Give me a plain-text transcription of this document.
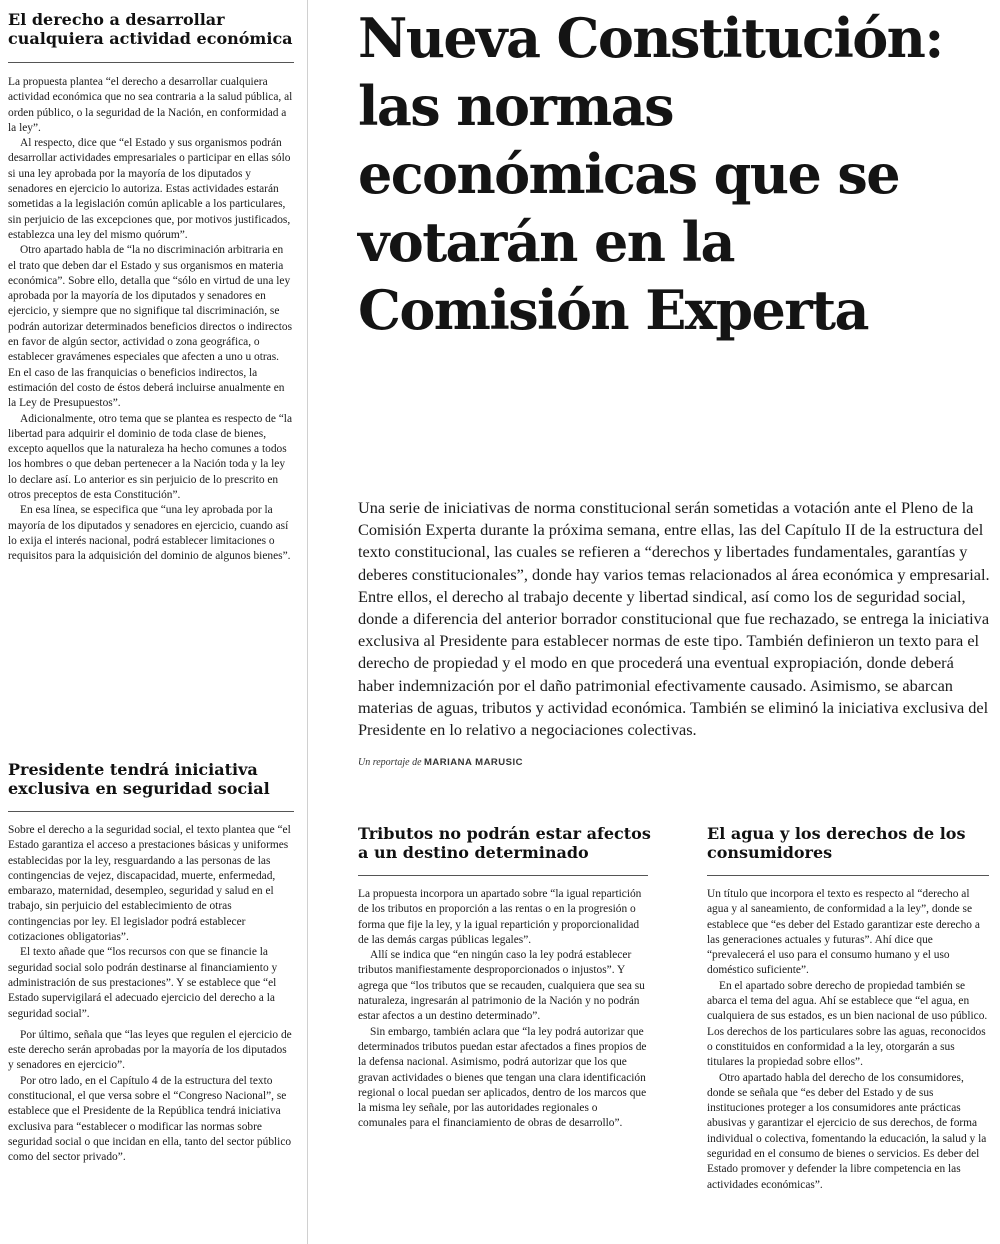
El derecho a desarrollar cualquiera actividad económica

La propuesta plantea “el derecho a desarrollar cualquiera actividad económica que no sea contraria a la salud pública, al orden público, o la seguridad de la Nación, en conformidad a la ley”.

Al respecto, dice que “el Estado y sus organismos podrán desarrollar actividades empresariales o participar en ellas sólo si una ley aprobada por la mayoría de los diputados y senadores en ejercicio lo autoriza. Estas actividades estarán sometidas a la legislación común aplicable a los particulares, sin perjuicio de las excepciones que, por motivos justificados, establezca una ley del mismo quórum”.

Otro apartado habla de “la no discriminación arbitraria en el trato que deben dar el Estado y sus organismos en materia económica”. Sobre ello, detalla que “sólo en virtud de una ley aprobada por la mayoría de los diputados y senadores en ejercicio, y siempre que no signifique tal discriminación, se podrán autorizar determinados beneficios directos o indirectos en favor de algún sector, actividad o zona geográfica, o establecer gravámenes especiales que afecten a uno u otras. En el caso de las franquicias o beneficios indirectos, la estimación del costo de éstos deberá incluirse anualmente en la Ley de Presupuestos”.

Adicionalmente, otro tema que se plantea es respecto de “la libertad para adquirir el dominio de toda clase de bienes, excepto aquellos que la naturaleza ha hecho comunes a todos los hombres o que deban pertenecer a la Nación toda y la ley lo declare así. Lo anterior es sin perjuicio de lo prescrito en otros preceptos de esta Constitución”.

En esa línea, se especifica que “una ley aprobada por la mayoría de los diputados y senadores en ejercicio, cuando así lo exija el interés nacional, podrá establecer limitaciones o requisitos para la adquisición del dominio de algunos bienes”.

Presidente tendrá iniciativa exclusiva en seguridad social

Sobre el derecho a la seguridad social, el texto plantea que “el Estado garantiza el acceso a prestaciones básicas y uniformes establecidas por la ley, resguardando a las personas de las contingencias de vejez, discapacidad, muerte, enfermedad, embarazo, maternidad, desempleo, seguridad y salud en el trabajo, sin perjuicio del establecimiento de otras contingencias por ley. El legislador podrá establecer cotizaciones obligatorias”.

El texto añade que “los recursos con que se financie la seguridad social solo podrán destinarse al financiamiento y administración de sus prestaciones”. Y se establece que “el Estado supervigilará el adecuado ejercicio del derecho a la seguridad social”.

Por último, señala que “las leyes que regulen el ejercicio de este derecho serán aprobadas por la mayoría de los diputados y senadores en ejercicio”.

Por otro lado, en el Capítulo 4 de la estructura del texto constitucional, el que versa sobre el “Congreso Nacional”, se establece que el Presidente de la República tendrá iniciativa exclusiva para “establecer o modificar las normas sobre seguridad social o que incidan en ella, tanto del sector público como del sector privado”.

Nueva Constitución: las normas económicas que se votarán en la Comisión Experta

Una serie de iniciativas de norma constitucional serán sometidas a votación ante el Pleno de la Comisión Experta durante la próxima semana, entre ellas, las del Capítulo II de la estructura del texto constitucional, las cuales se refieren a “derechos y libertades fundamentales, garantías y deberes constitucionales”, donde hay varios temas relacionados al área económica y empresarial. Entre ellos, el derecho al trabajo decente y libertad sindical, así como los de seguridad social, donde a diferencia del anterior borrador constitucional que fue rechazado, se entrega la iniciativa exclusiva al Presidente para establecer normas de este tipo. También definieron un texto para el derecho de propiedad y el modo en que procederá una eventual expropiación, donde deberá haber indemnización por el daño patrimonial efectivamente causado. Asimismo, se abarcan materias de aguas, tributos y actividad económica. También se eliminó la iniciativa exclusiva del Presidente en lo relativo a negociaciones colectivas.

Un reportaje de MARIANA MARUSIC
Tributos no podrán estar afectos a un destino determinado

La propuesta incorpora un apartado sobre “la igual repartición de los tributos en proporción a las rentas o en la progresión o forma que fije la ley, y la igual repartición y proporcionalidad de las demás cargas públicas legales”.

Allí se indica que “en ningún caso la ley podrá establecer tributos manifiestamente desproporcionados o injustos”. Y agrega que “los tributos que se recauden, cualquiera que sea su naturaleza, ingresarán al patrimonio de la Nación y no podrán estar afectos a un destino determinado”.

Sin embargo, también aclara que “la ley podrá autorizar que determinados tributos puedan estar afectados a fines propios de la defensa nacional. Asimismo, podrá autorizar que los que gravan actividades o bienes que tengan una clara identificación regional o local puedan ser aplicados, dentro de los marcos que la misma ley señale, por las autoridades regionales o comunales para el financiamiento de obras de desarrollo”.

El agua y los derechos de los consumidores

Un título que incorpora el texto es respecto al “derecho al agua y al saneamiento, de conformidad a la ley”, donde se establece que “es deber del Estado garantizar este derecho a las generaciones actuales y futuras”. Ahí dice que “prevalecerá el uso para el consumo humano y el uso doméstico suficiente”.

En el apartado sobre derecho de propiedad también se abarca el tema del agua. Ahí se establece que “el agua, en cualquiera de sus estados, es un bien nacional de uso público. Los derechos de los particulares sobre las aguas, reconocidos o constituidos en conformidad a la ley, otorgarán a sus titulares la propiedad sobre ellos”.

Otro apartado habla del derecho de los consumidores, donde se señala que “es deber del Estado y de sus instituciones proteger a los consumidores ante prácticas abusivas y garantizar el ejercicio de sus derechos, de forma individual o colectiva, fomentando la educación, la salud y la seguridad en el consumo de bienes o servicios. Es deber del Estado promover y defender la libre competencia en las actividades económicas”.
